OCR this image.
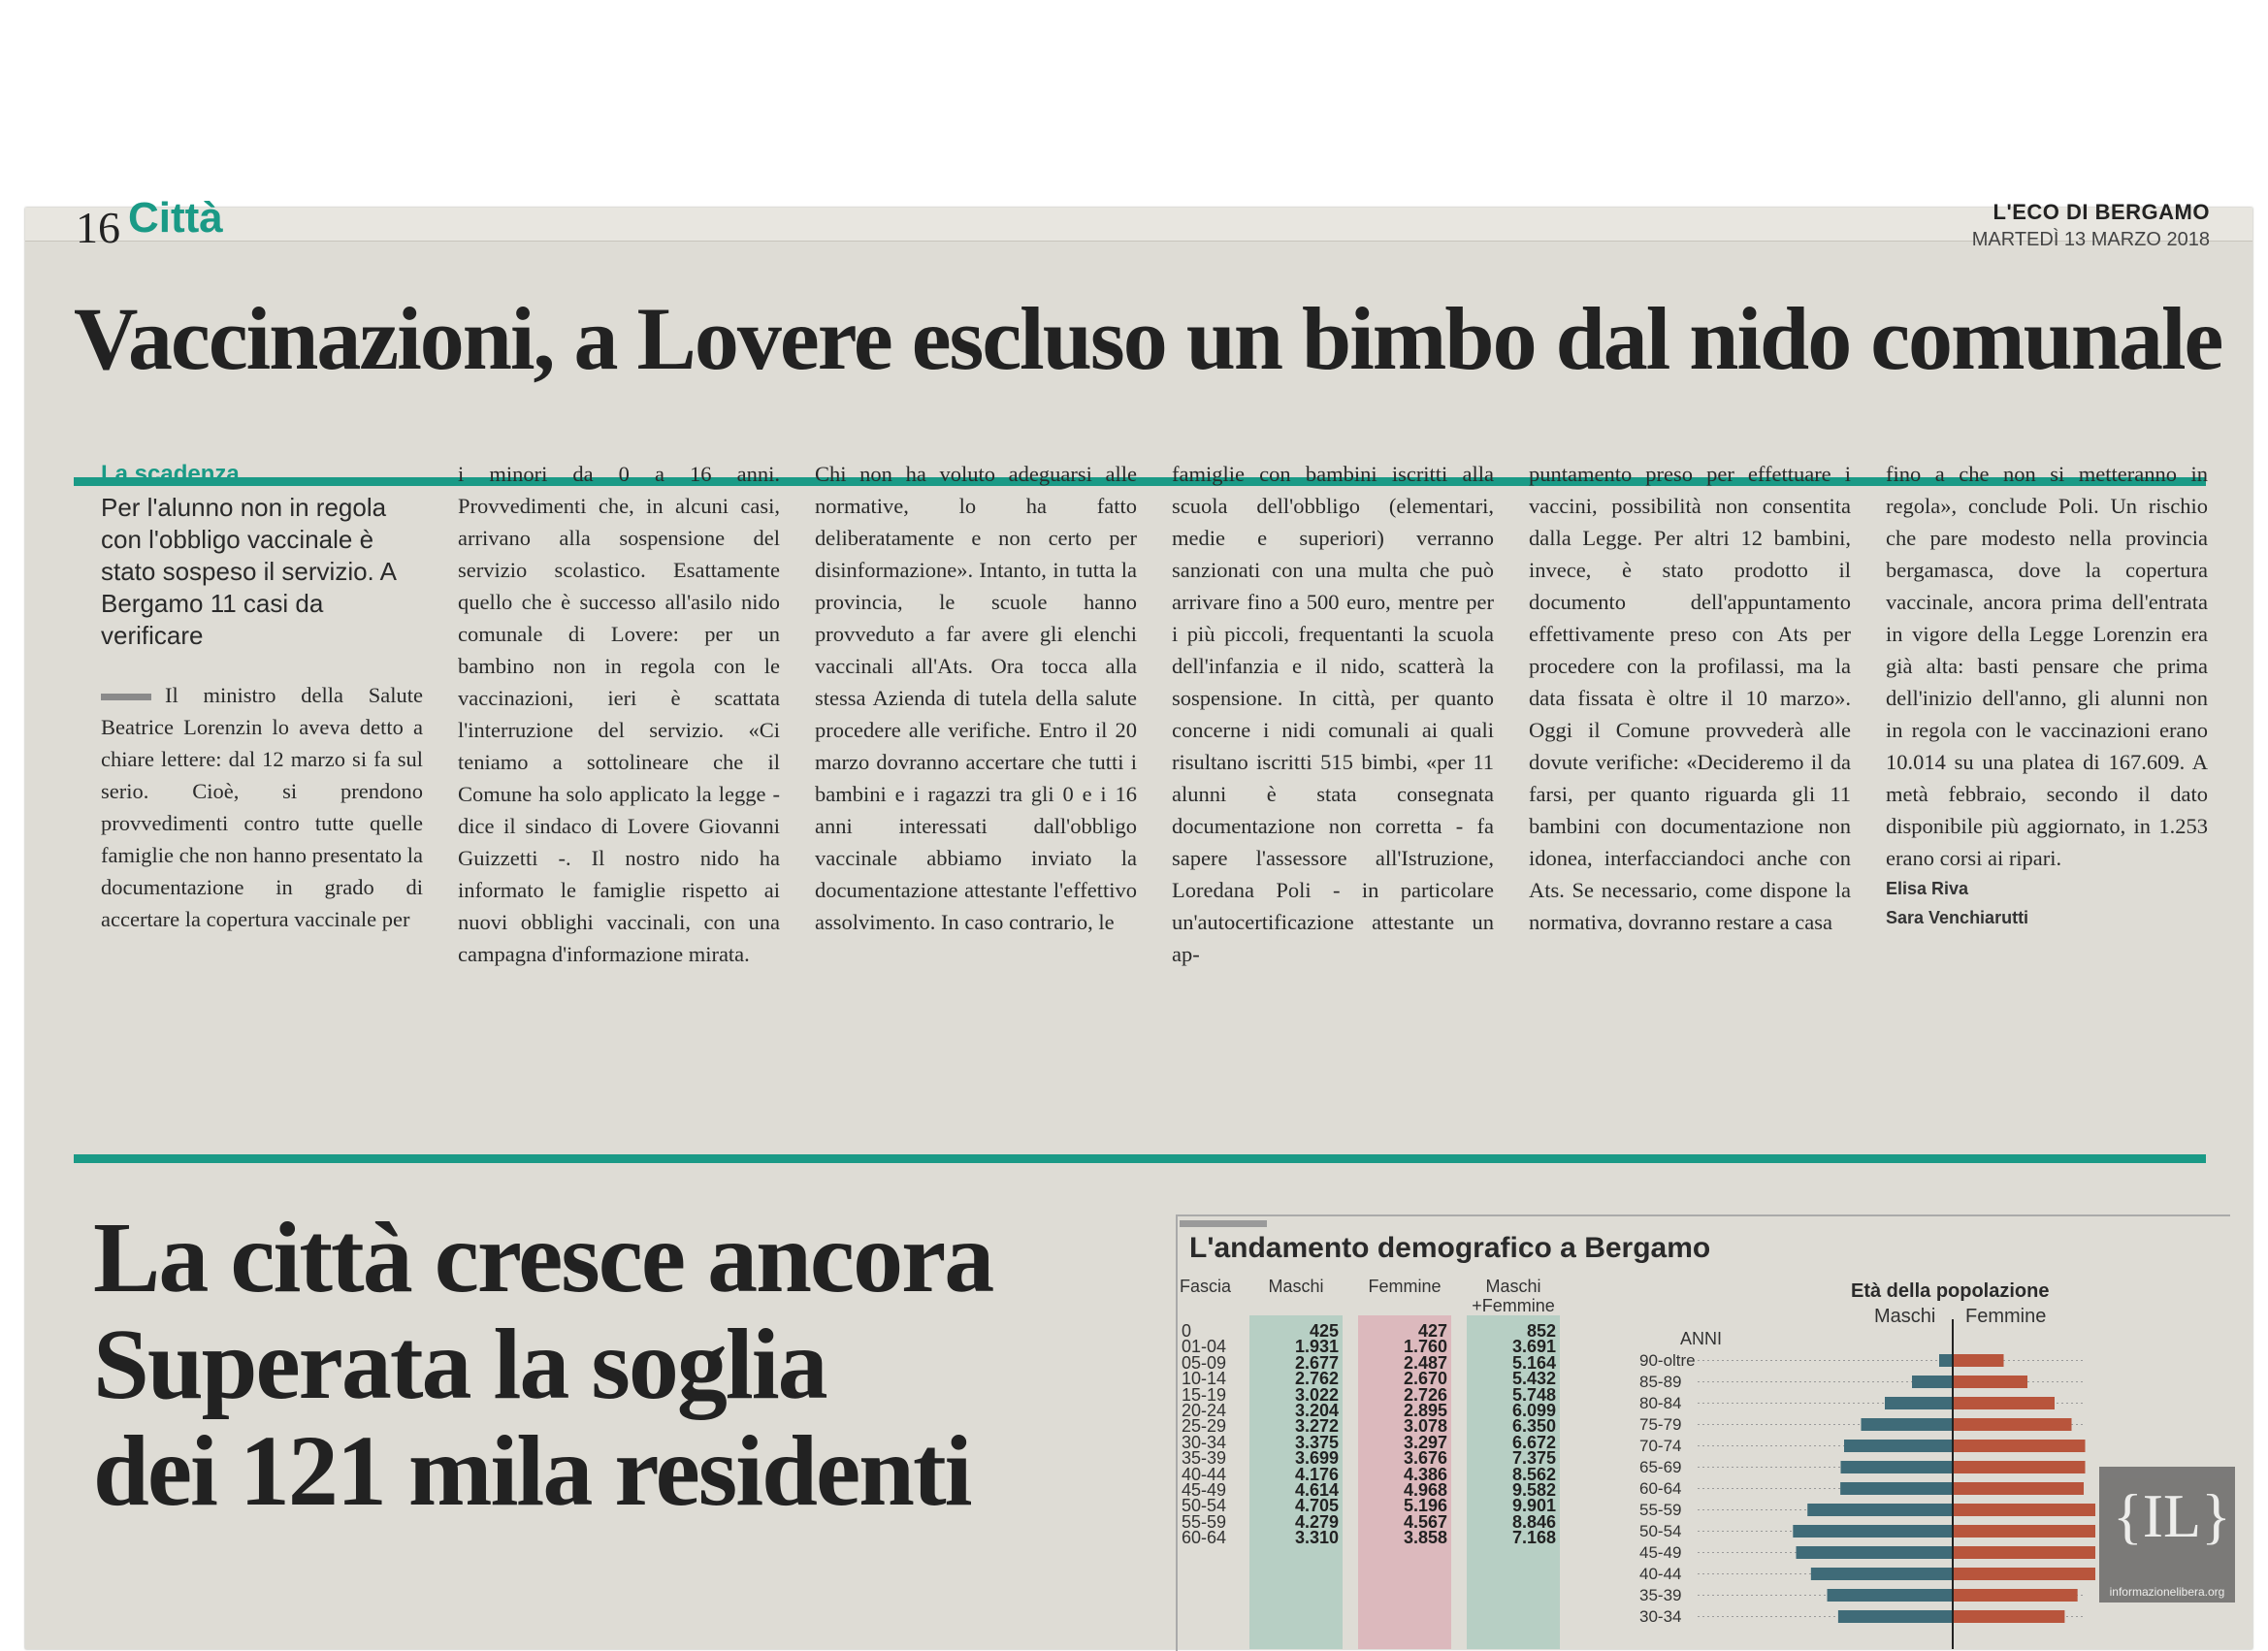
16 Città	L'ECO DI BERGAMO
MARTEDÌ 13 MARZO 2018
Vaccinazioni, a Lovere escluso un bimbo dal nido comunale
La scadenza
Per l'alunno non in regola con l'obbligo vaccinale è stato sospeso il servizio. A Bergamo 11 casi da verificare
Il ministro della Salute Beatrice Lorenzin lo aveva detto a chiare lettere: dal 12 marzo si fa sul serio. Cioè, si prendono provvedimenti contro tutte quelle famiglie che non hanno presentato la documentazione in grado di accertare la copertura vaccinale per
i minori da 0 a 16 anni. Provvedimenti che, in alcuni casi, arrivano alla sospensione del servizio scolastico. Esattamente quello che è successo all'asilo nido comunale di Lovere: per un bambino non in regola con le vaccinazioni, ieri è scattata l'interruzione del servizio. «Ci teniamo a sottolineare che il Comune ha solo applicato la legge - dice il sindaco di Lovere Giovanni Guizzetti -. Il nostro nido ha informato le famiglie rispetto ai nuovi obblighi vaccinali, con una campagna d'informazione mirata.
Chi non ha voluto adeguarsi alle normative, lo ha fatto deliberatamente e non certo per disinformazione». Intanto, in tutta la provincia, le scuole hanno provveduto a far avere gli elenchi vaccinali all'Ats. Ora tocca alla stessa Azienda di tutela della salute procedere alle verifiche. Entro il 20 marzo dovranno accertare che tutti i bambini e i ragazzi tra gli 0 e i 16 anni interessati dall'obbligo vaccinale abbiamo inviato la documentazione attestante l'effettivo assolvimento. In caso contrario, le
famiglie con bambini iscritti alla scuola dell'obbligo (elementari, medie e superiori) verranno sanzionati con una multa che può arrivare fino a 500 euro, mentre per i più piccoli, frequentanti la scuola dell'infanzia e il nido, scatterà la sospensione. In città, per quanto concerne i nidi comunali ai quali risultano iscritti 515 bimbi, «per 11 alunni è stata consegnata documentazione non corretta - fa sapere l'assessore all'Istruzione, Loredana Poli - in particolare un'autocertificazione attestante un ap-
puntamento preso per effettuare i vaccini, possibilità non consentita dalla Legge. Per altri 12 bambini, invece, è stato prodotto il documento dell'appuntamento effettivamente preso con Ats per procedere con la profilassi, ma la data fissata è oltre il 10 marzo». Oggi il Comune provvederà alle dovute verifiche: «Decideremo il da farsi, per quanto riguarda gli 11 bambini con documentazione non idonea, interfacciandoci anche con Ats. Se necessario, come dispone la normativa, dovranno restare a casa
fino a che non si metteranno in regola», conclude Poli. Un rischio che pare modesto nella provincia bergamasca, dove la copertura vaccinale, ancora prima dell'entrata in vigore della Legge Lorenzin era già alta: basti pensare che prima dell'inizio dell'anno, gli alunni non in regola con le vaccinazioni erano 10.014 su una platea di 167.609. A metà febbraio, secondo il dato disponibile più aggiornato, in 1.253 erano corsi ai ripari.
Elisa Riva
Sara Venchiarutti
La città cresce ancora
Superata la soglia
dei 121 mila residenti
L'andamento demografico a Bergamo
Fascia	Maschi	Femmine	Maschi
+Femmine
0	425	427	852
01-04	1.931	1.760	3.691
05-09	2.677	2.487	5.164
10-14	2.762	2.670	5.432
15-19	3.022	2.726	5.748
20-24	3.204	2.895	6.099
25-29	3.272	3.078	6.350
30-34	3.375	3.297	6.672
35-39	3.699	3.676	7.375
40-44	4.176	4.386	8.562
45-49	4.614	4.968	9.582
50-54	4.705	5.196	9.901
55-59	4.279	4.567	8.846
60-64	3.310	3.858	7.168
Età della popolazione
Maschi Femmine
ANNI
90-oltre
85-89
80-84
75-79
70-74
65-69
60-64
55-59
50-54
45-49
40-44
35-39
30-34
{IL}
informazionelibera.org
